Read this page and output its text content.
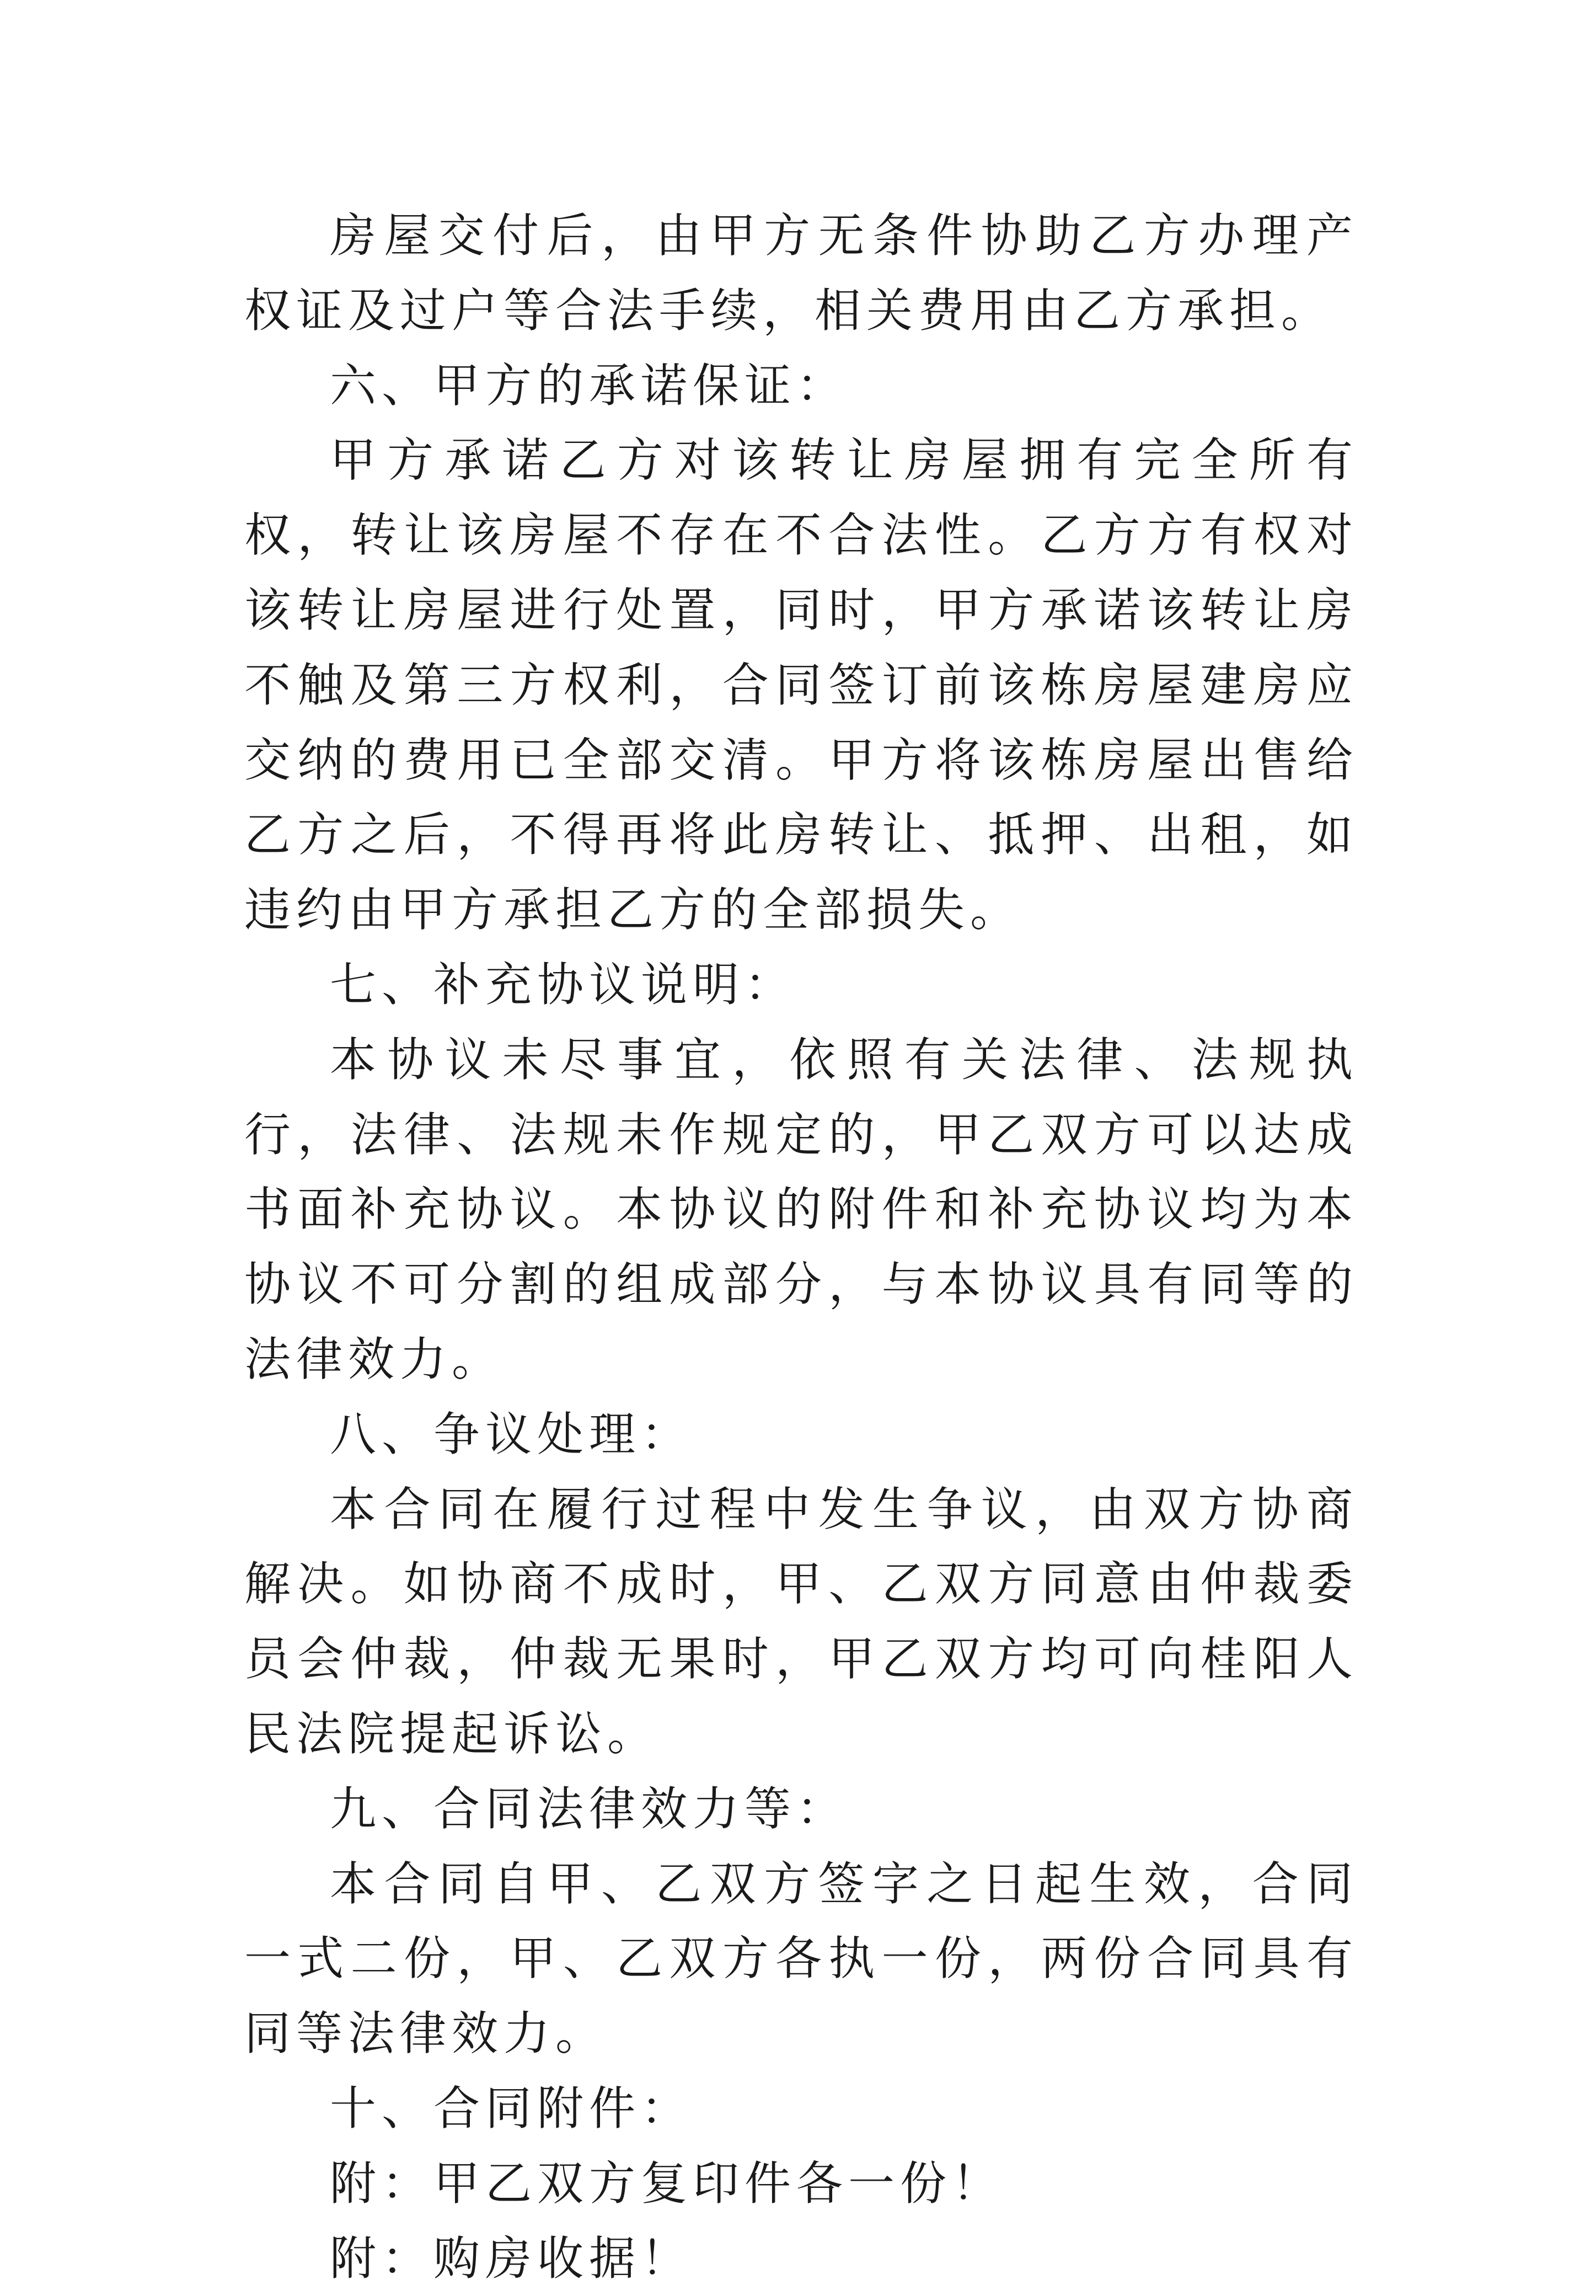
房屋交付后，由甲方无条件协助乙方办理产权证及过户等合法手续，相关费用由乙方承担。

六、甲方的承诺保证：

甲方承诺乙方对该转让房屋拥有完全所有权，转让该房屋不存在不合法性。乙方方有权对该转让房屋进行处置，同时，甲方承诺该转让房不触及第三方权利，合同签订前该栋房屋建房应交纳的费用已全部交清。甲方将该栋房屋出售给乙方之后，不得再将此房转让、抵押、出租，如违约由甲方承担乙方的全部损失。

七、补充协议说明：

本协议未尽事宜，依照有关法律、法规执行，法律、法规未作规定的，甲乙双方可以达成书面补充协议。本协议的附件和补充协议均为本协议不可分割的组成部分，与本协议具有同等的法律效力。

八、争议处理：

本合同在履行过程中发生争议，由双方协商解决。如协商不成时，甲、乙双方同意由仲裁委员会仲裁，仲裁无果时，甲乙双方均可向桂阳人民法院提起诉讼。

九、合同法律效力等：

本合同自甲、乙双方签字之日起生效，合同一式二份，甲、乙双方各执一份，两份合同具有同等法律效力。

十、合同附件：

附：甲乙双方复印件各一份！

附：购房收据！
